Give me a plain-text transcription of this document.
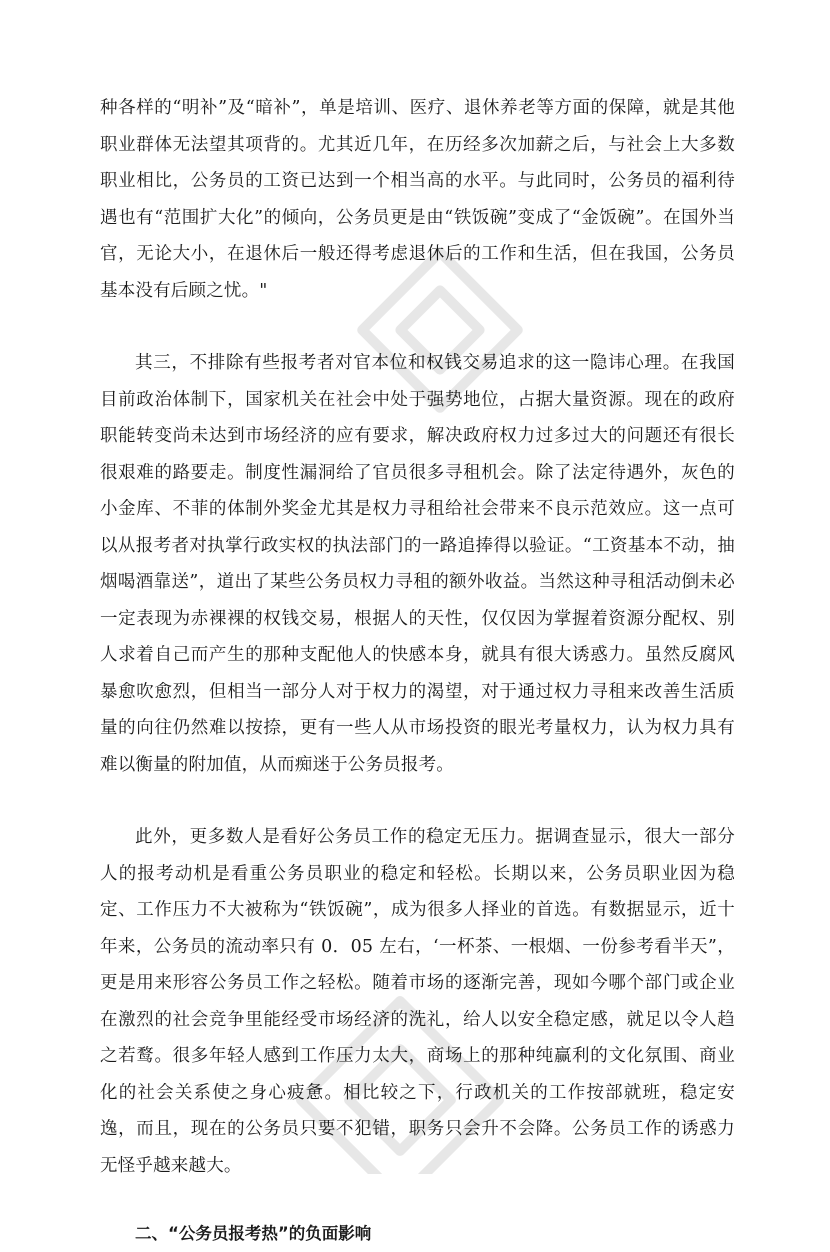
种各样的“明补”及“暗补”，单是培训、医疗、退休养老等方面的保障，就是其他职业群体无法望其项背的。尤其近几年，在历经多次加薪之后，与社会上大多数职业相比，公务员的工资已达到一个相当高的水平。与此同时，公务员的福利待遇也有“范围扩大化”的倾向，公务员更是由“铁饭碗”变成了“金饭碗”。在国外当官，无论大小，在退休后一般还得考虑退休后的工作和生活，但在我国，公务员基本没有后顾之忧。"

其三，不排除有些报考者对官本位和权钱交易追求的这一隐讳心理。在我国目前政治体制下，国家机关在社会中处于强势地位，占据大量资源。现在的政府职能转变尚未达到市场经济的应有要求，解决政府权力过多过大的问题还有很长很艰难的路要走。制度性漏洞给了官员很多寻租机会。除了法定待遇外，灰色的小金库、不菲的体制外奖金尤其是权力寻租给社会带来不良示范效应。这一点可以从报考者对执掌行政实权的执法部门的一路追捧得以验证。“工资基本不动，抽烟喝酒靠送”，道出了某些公务员权力寻租的额外收益。当然这种寻租活动倒未必一定表现为赤裸裸的权钱交易，根据人的天性，仅仅因为掌握着资源分配权、别人求着自己而产生的那种支配他人的快感本身，就具有很大诱惑力。虽然反腐风暴愈吹愈烈，但相当一部分人对于权力的渴望，对于通过权力寻租来改善生活质量的向往仍然难以按捺，更有一些人从市场投资的眼光考量权力，认为权力具有难以衡量的附加值，从而痴迷于公务员报考。

此外，更多数人是看好公务员工作的稳定无压力。据调查显示，很大一部分人的报考动机是看重公务员职业的稳定和轻松。长期以来，公务员职业因为稳定、工作压力不大被称为“铁饭碗”，成为很多人择业的首选。有数据显示，近十年来，公务员的流动率只有 0．05 左右，‘一杯茶、一根烟、一份参考看半天”，更是用来形容公务员工作之轻松。随着市场的逐渐完善，现如今哪个部门或企业在激烈的社会竞争里能经受市场经济的洗礼，给人以安全稳定感，就足以令人趋之若鹜。很多年轻人感到工作压力太大，商场上的那种纯赢利的文化氛围、商业化的社会关系使之身心疲惫。相比较之下，行政机关的工作按部就班，稳定安逸，而且，现在的公务员只要不犯错，职务只会升不会降。公务员工作的诱惑力无怪乎越来越大。

二、“公务员报考热”的负面影响
